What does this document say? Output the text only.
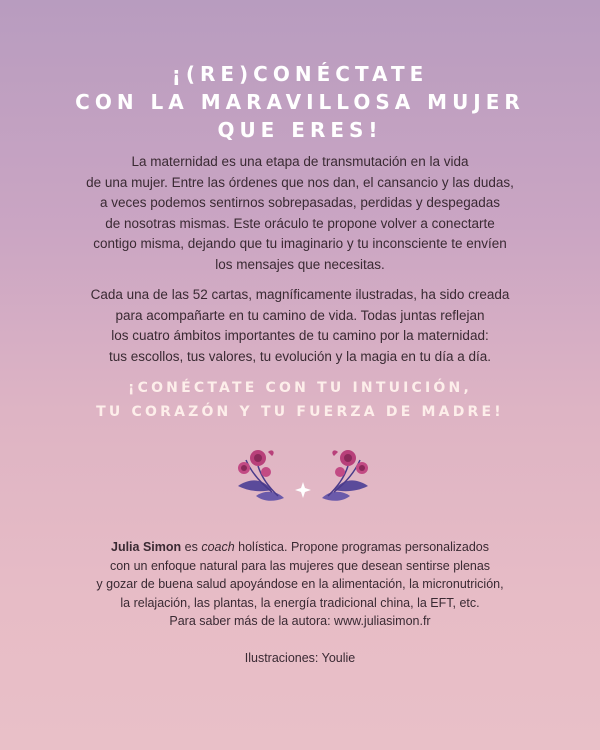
¡(RE)CONÉCTATE
CON LA MARAVILLOSA MUJER
QUE ERES!
La maternidad es una etapa de transmutación en la vida
de una mujer. Entre las órdenes que nos dan, el cansancio y las dudas,
a veces podemos sentirnos sobrepasadas, perdidas y despegadas
de nosotras mismas. Este oráculo te propone volver a conectarte
contigo misma, dejando que tu imaginario y tu inconsciente te envíen
los mensajes que necesitas.
Cada una de las 52 cartas, magníficamente ilustradas, ha sido creada
para acompañarte en tu camino de vida. Todas juntas reflejan
los cuatro ámbitos importantes de tu camino por la maternidad:
tus escollos, tus valores, tu evolución y la magia en tu día a día.
¡CONÉCTATE CON TU INTUICIÓN,
TU CORAZÓN Y TU FUERZA DE MADRE!
Julia Simon es coach holística. Propone programas personalizados
con un enfoque natural para las mujeres que desean sentirse plenas
y gozar de buena salud apoyándose en la alimentación, la micronutrición,
la relajación, las plantas, la energía tradicional china, la EFT, etc.
Para saber más de la autora: www.juliasimon.fr
Ilustraciones: Youlie
